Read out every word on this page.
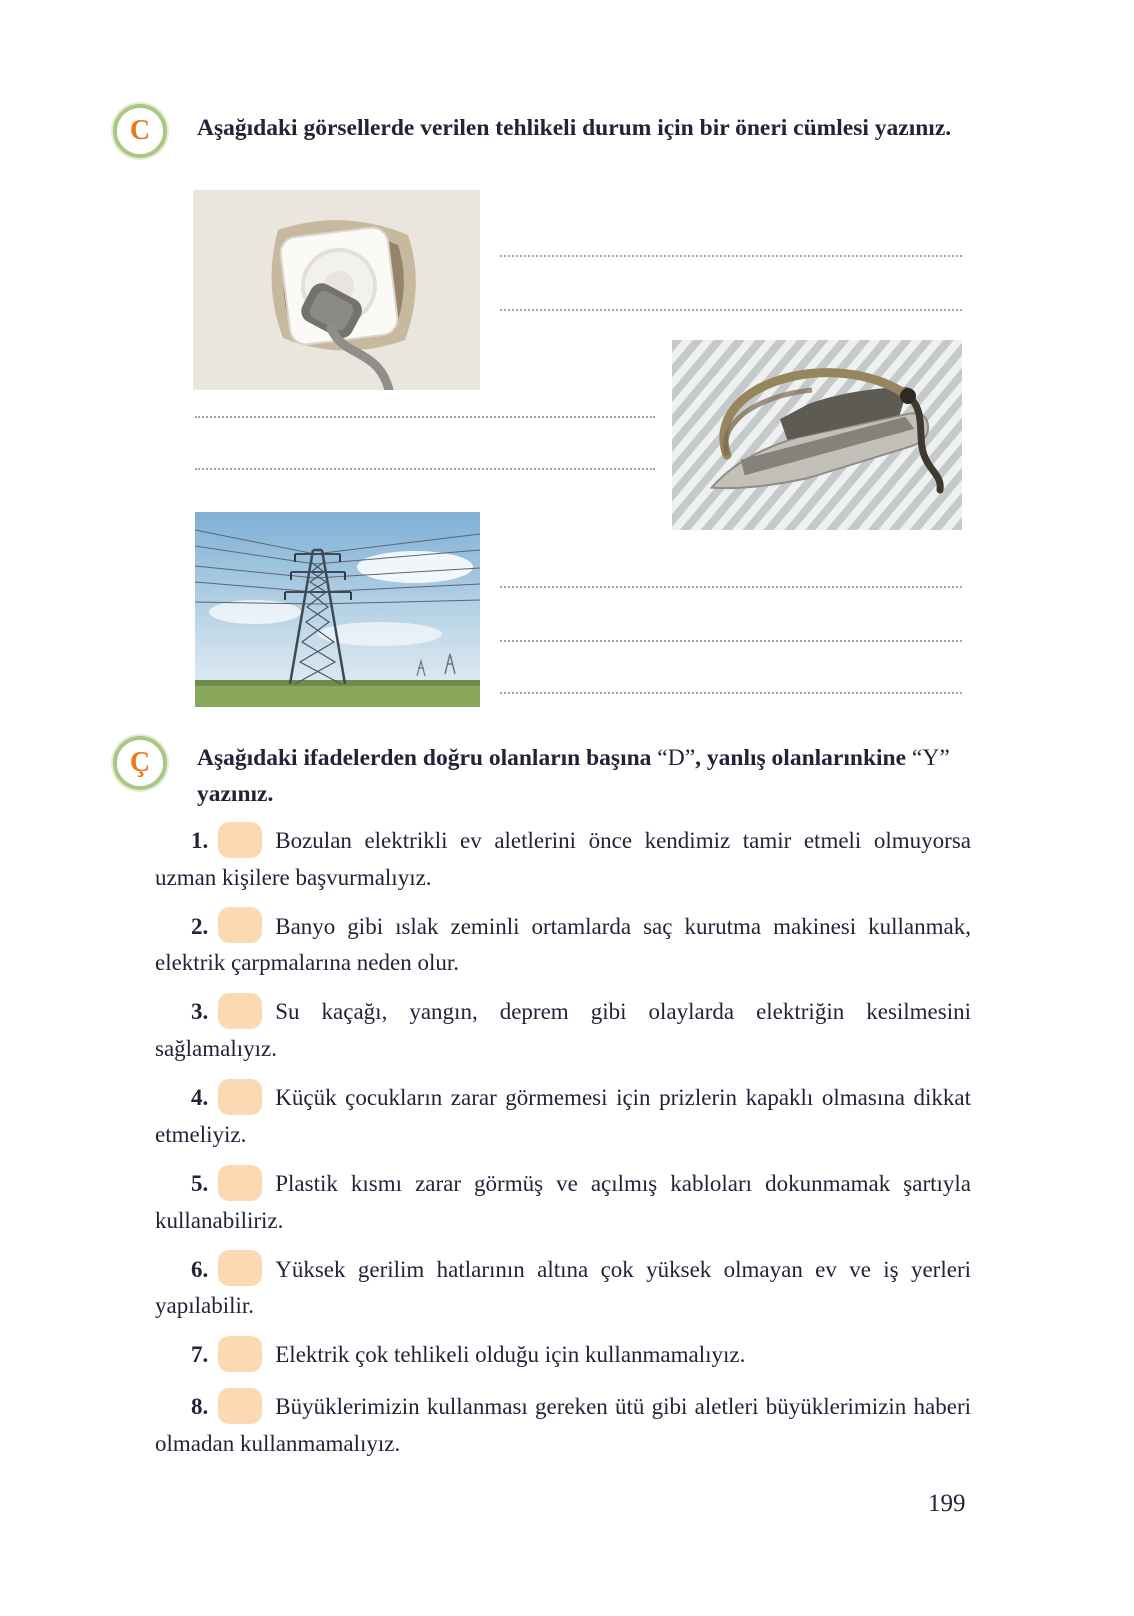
C Aşağıdaki görsellerde verilen tehlikeli durum için bir öneri cümlesi yazınız.
Ç Aşağıdaki ifadelerden doğru olanların başına “D”, yanlış olanlarınkine “Y” yazınız.

1.	Bozulan elektrikli ev aletlerini önce kendimiz tamir etmeli olmuyorsa uzman kişilere başvurmalıyız.

2.	Banyo gibi ıslak zeminli ortamlarda saç kurutma makinesi kullanmak, elektrik çarpmalarına neden olur.

3.	Su kaçağı, yangın, deprem gibi olaylarda elektriğin kesilmesini sağlamalıyız.

4.	Küçük çocukların zarar görmemesi için prizlerin kapaklı olmasına dikkat etmeliyiz.

5.	Plastik kısmı zarar görmüş ve açılmış kabloları dokunmamak şartıyla kullanabiliriz.

6.	Yüksek gerilim hatlarının altına çok yüksek olmayan ev ve iş yerleri yapılabilir.

7.	Elektrik çok tehlikeli olduğu için kullanmamalıyız.

8.	Büyüklerimizin kullanması gereken ütü gibi aletleri büyüklerimizin haberi olmadan kullanmamalıyız.

199
